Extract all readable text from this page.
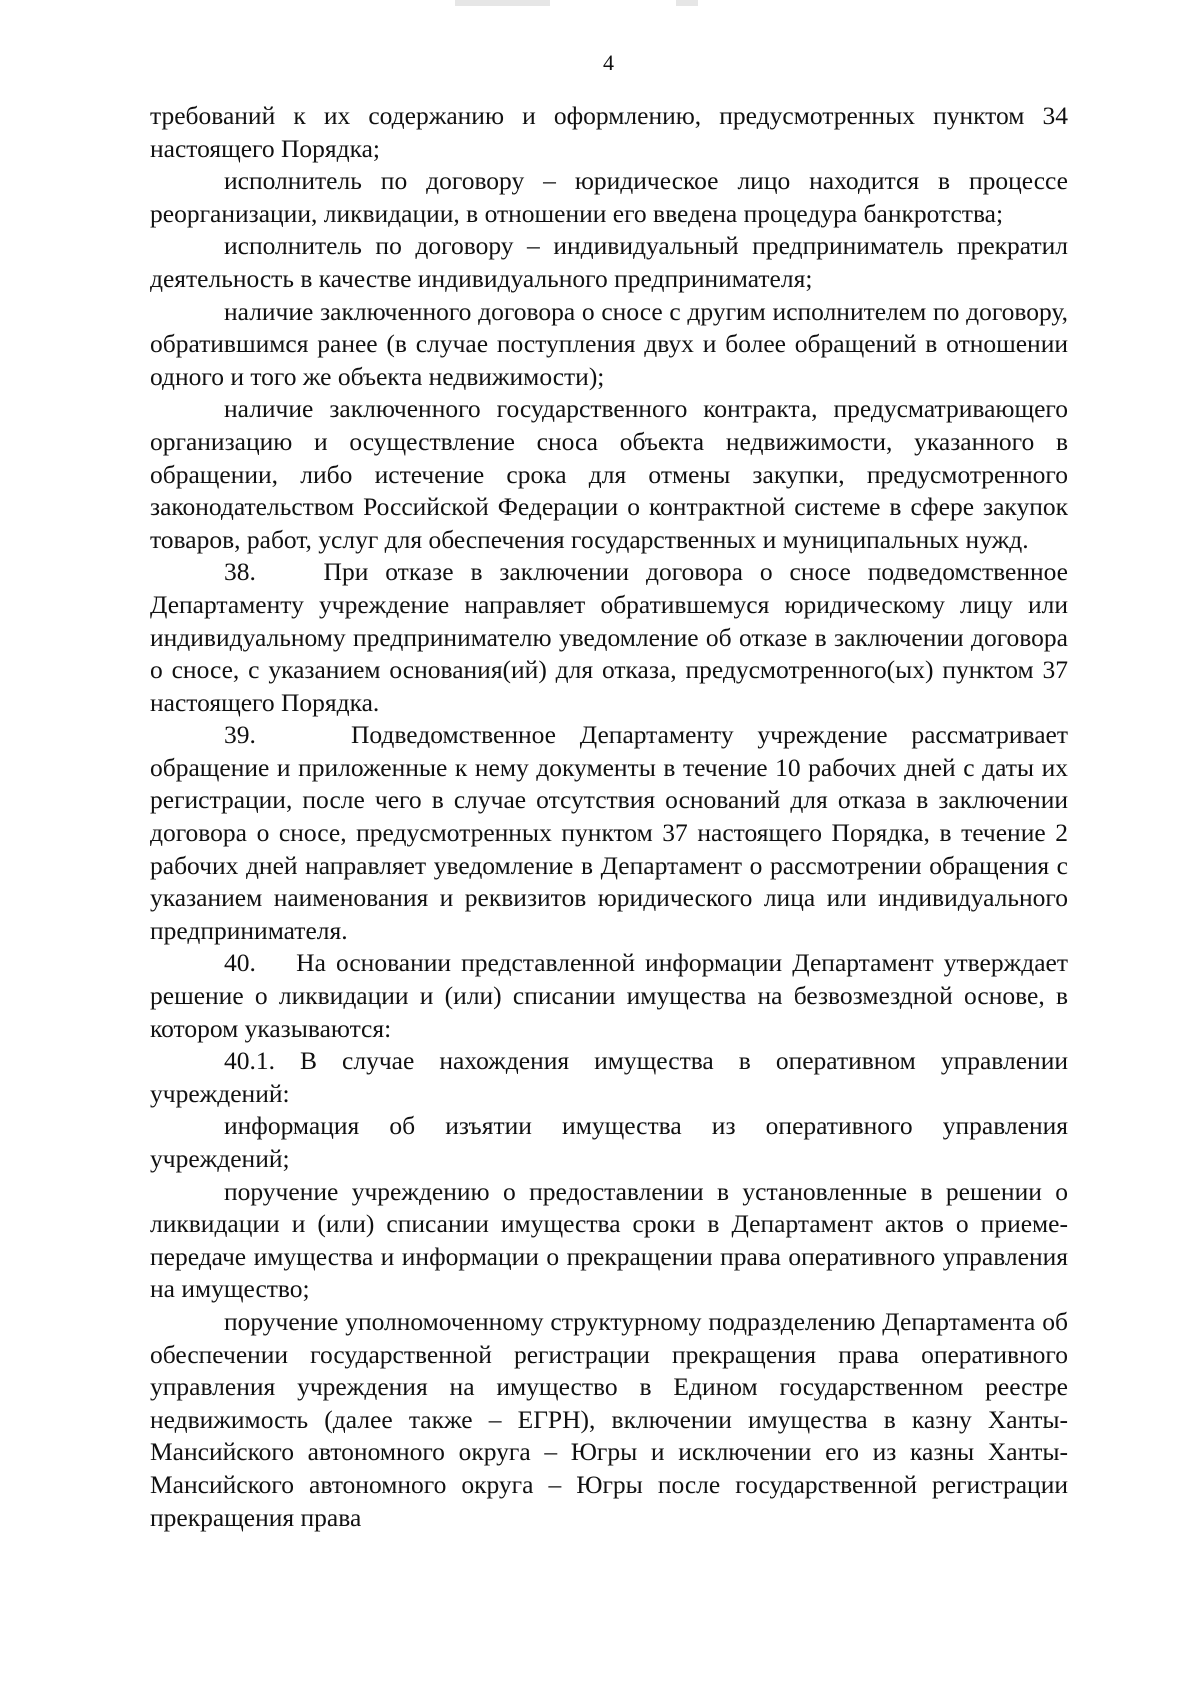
4

требований к их содержанию и оформлению, предусмотренных пунктом 34 настоящего Порядка;

исполнитель по договору – юридическое лицо находится в процессе реорганизации, ликвидации, в отношении его введена процедура банкротства;

исполнитель по договору – индивидуальный предприниматель прекратил деятельность в качестве индивидуального предпринимателя;

наличие заключенного договора о сносе с другим исполнителем по договору, обратившимся ранее (в случае поступления двух и более обращений в отношении одного и того же объекта недвижимости);

наличие заключенного государственного контракта, предусматривающего организацию и осуществление сноса объекта недвижимости, указанного в обращении, либо истечение срока для отмены закупки, предусмотренного законодательством Российской Федерации о контрактной системе в сфере закупок товаров, работ, услуг для обеспечения государственных и муниципальных нужд.

38.    При отказе в заключении договора о сносе подведомственное Департаменту учреждение направляет обратившемуся юридическому лицу или индивидуальному предпринимателю уведомление об отказе в заключении договора о сносе, с указанием основания(ий) для отказа, предусмотренного(ых) пунктом 37 настоящего Порядка.

39.    Подведомственное Департаменту учреждение рассматривает обращение и приложенные к нему документы в течение 10 рабочих дней с даты их регистрации, после чего в случае отсутствия оснований для отказа в заключении договора о сносе, предусмотренных пунктом 37 настоящего Порядка, в течение 2 рабочих дней направляет уведомление в Департамент о рассмотрении обращения с указанием наименования и реквизитов юридического лица или индивидуального предпринимателя.

40.    На основании представленной информации Департамент утверждает решение о ликвидации и (или) списании имущества на безвозмездной основе, в котором указываются:

40.1. В случае нахождения имущества в оперативном управлении учреждений:

информация об изъятии имущества из оперативного управления учреждений;

поручение учреждению о предоставлении в установленные в решении о ликвидации и (или) списании имущества сроки в Департамент актов о приеме-передаче имущества и информации о прекращении права оперативного управления на имущество;

поручение уполномоченному структурному подразделению Департамента об обеспечении государственной регистрации прекращения права оперативного управления учреждения на имущество в Едином государственном реестре недвижимость (далее также – ЕГРН), включении имущества в казну Ханты-Мансийского автономного округа – Югры и исключении его из казны Ханты-Мансийского автономного округа – Югры после государственной регистрации прекращения права
